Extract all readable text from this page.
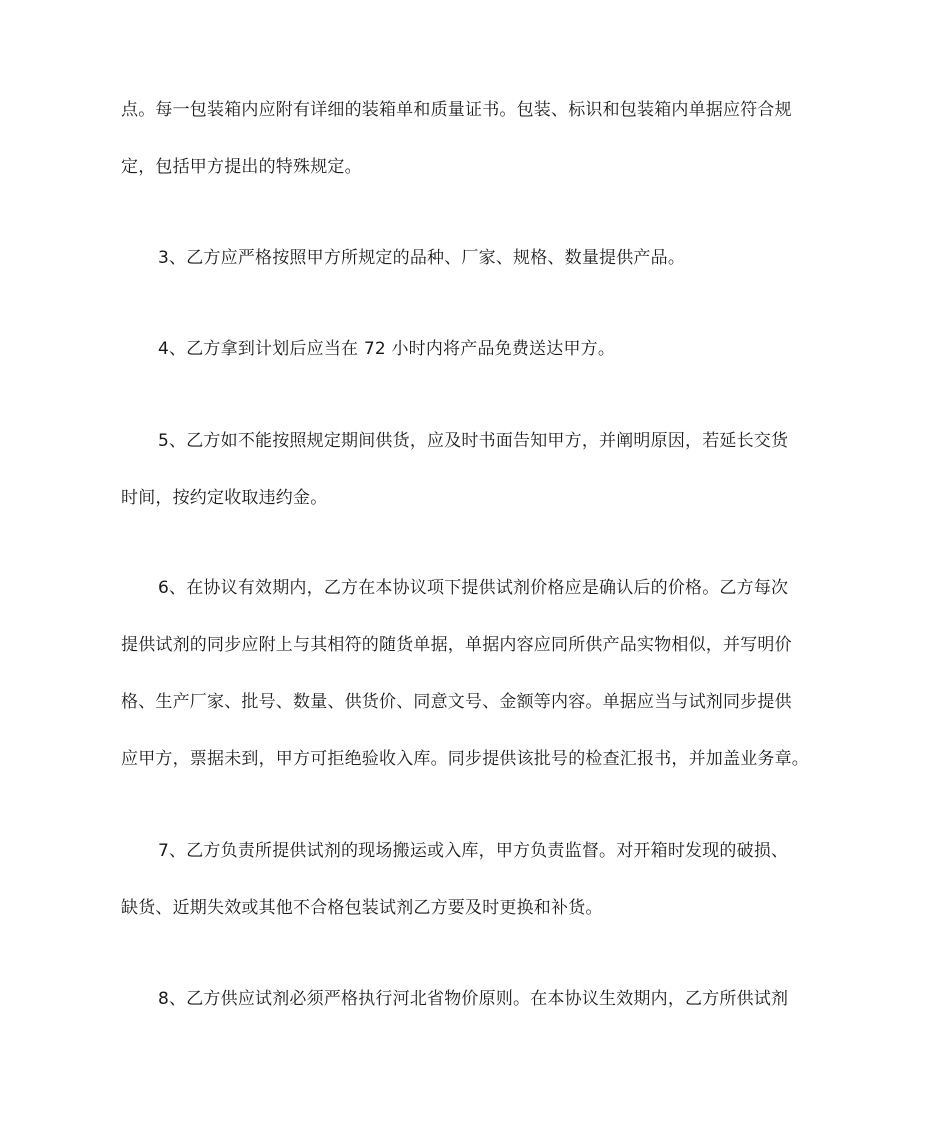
点。每一包装箱内应附有详细的装箱单和质量证书。包装、标识和包装箱内单据应符合规
定，包括甲方提出的特殊规定。
3、乙方应严格按照甲方所规定的品种、厂家、规格、数量提供产品。
4、乙方拿到计划后应当在 72 小时内将产品免费送达甲方。
5、乙方如不能按照规定期间供货，应及时书面告知甲方，并阐明原因，若延长交货
时间，按约定收取违约金。
6、在协议有效期内，乙方在本协议项下提供试剂价格应是确认后的价格。乙方每次
提供试剂的同步应附上与其相符的随货单据，单据内容应同所供产品实物相似，并写明价
格、生产厂家、批号、数量、供货价、同意文号、金额等内容。单据应当与试剂同步提供
应甲方，票据未到，甲方可拒绝验收入库。同步提供该批号的检查汇报书，并加盖业务章。
7、乙方负责所提供试剂的现场搬运或入库，甲方负责监督。对开箱时发现的破损、
缺货、近期失效或其他不合格包装试剂乙方要及时更换和补货。
8、乙方供应试剂必须严格执行河北省物价原则。在本协议生效期内，乙方所供试剂
